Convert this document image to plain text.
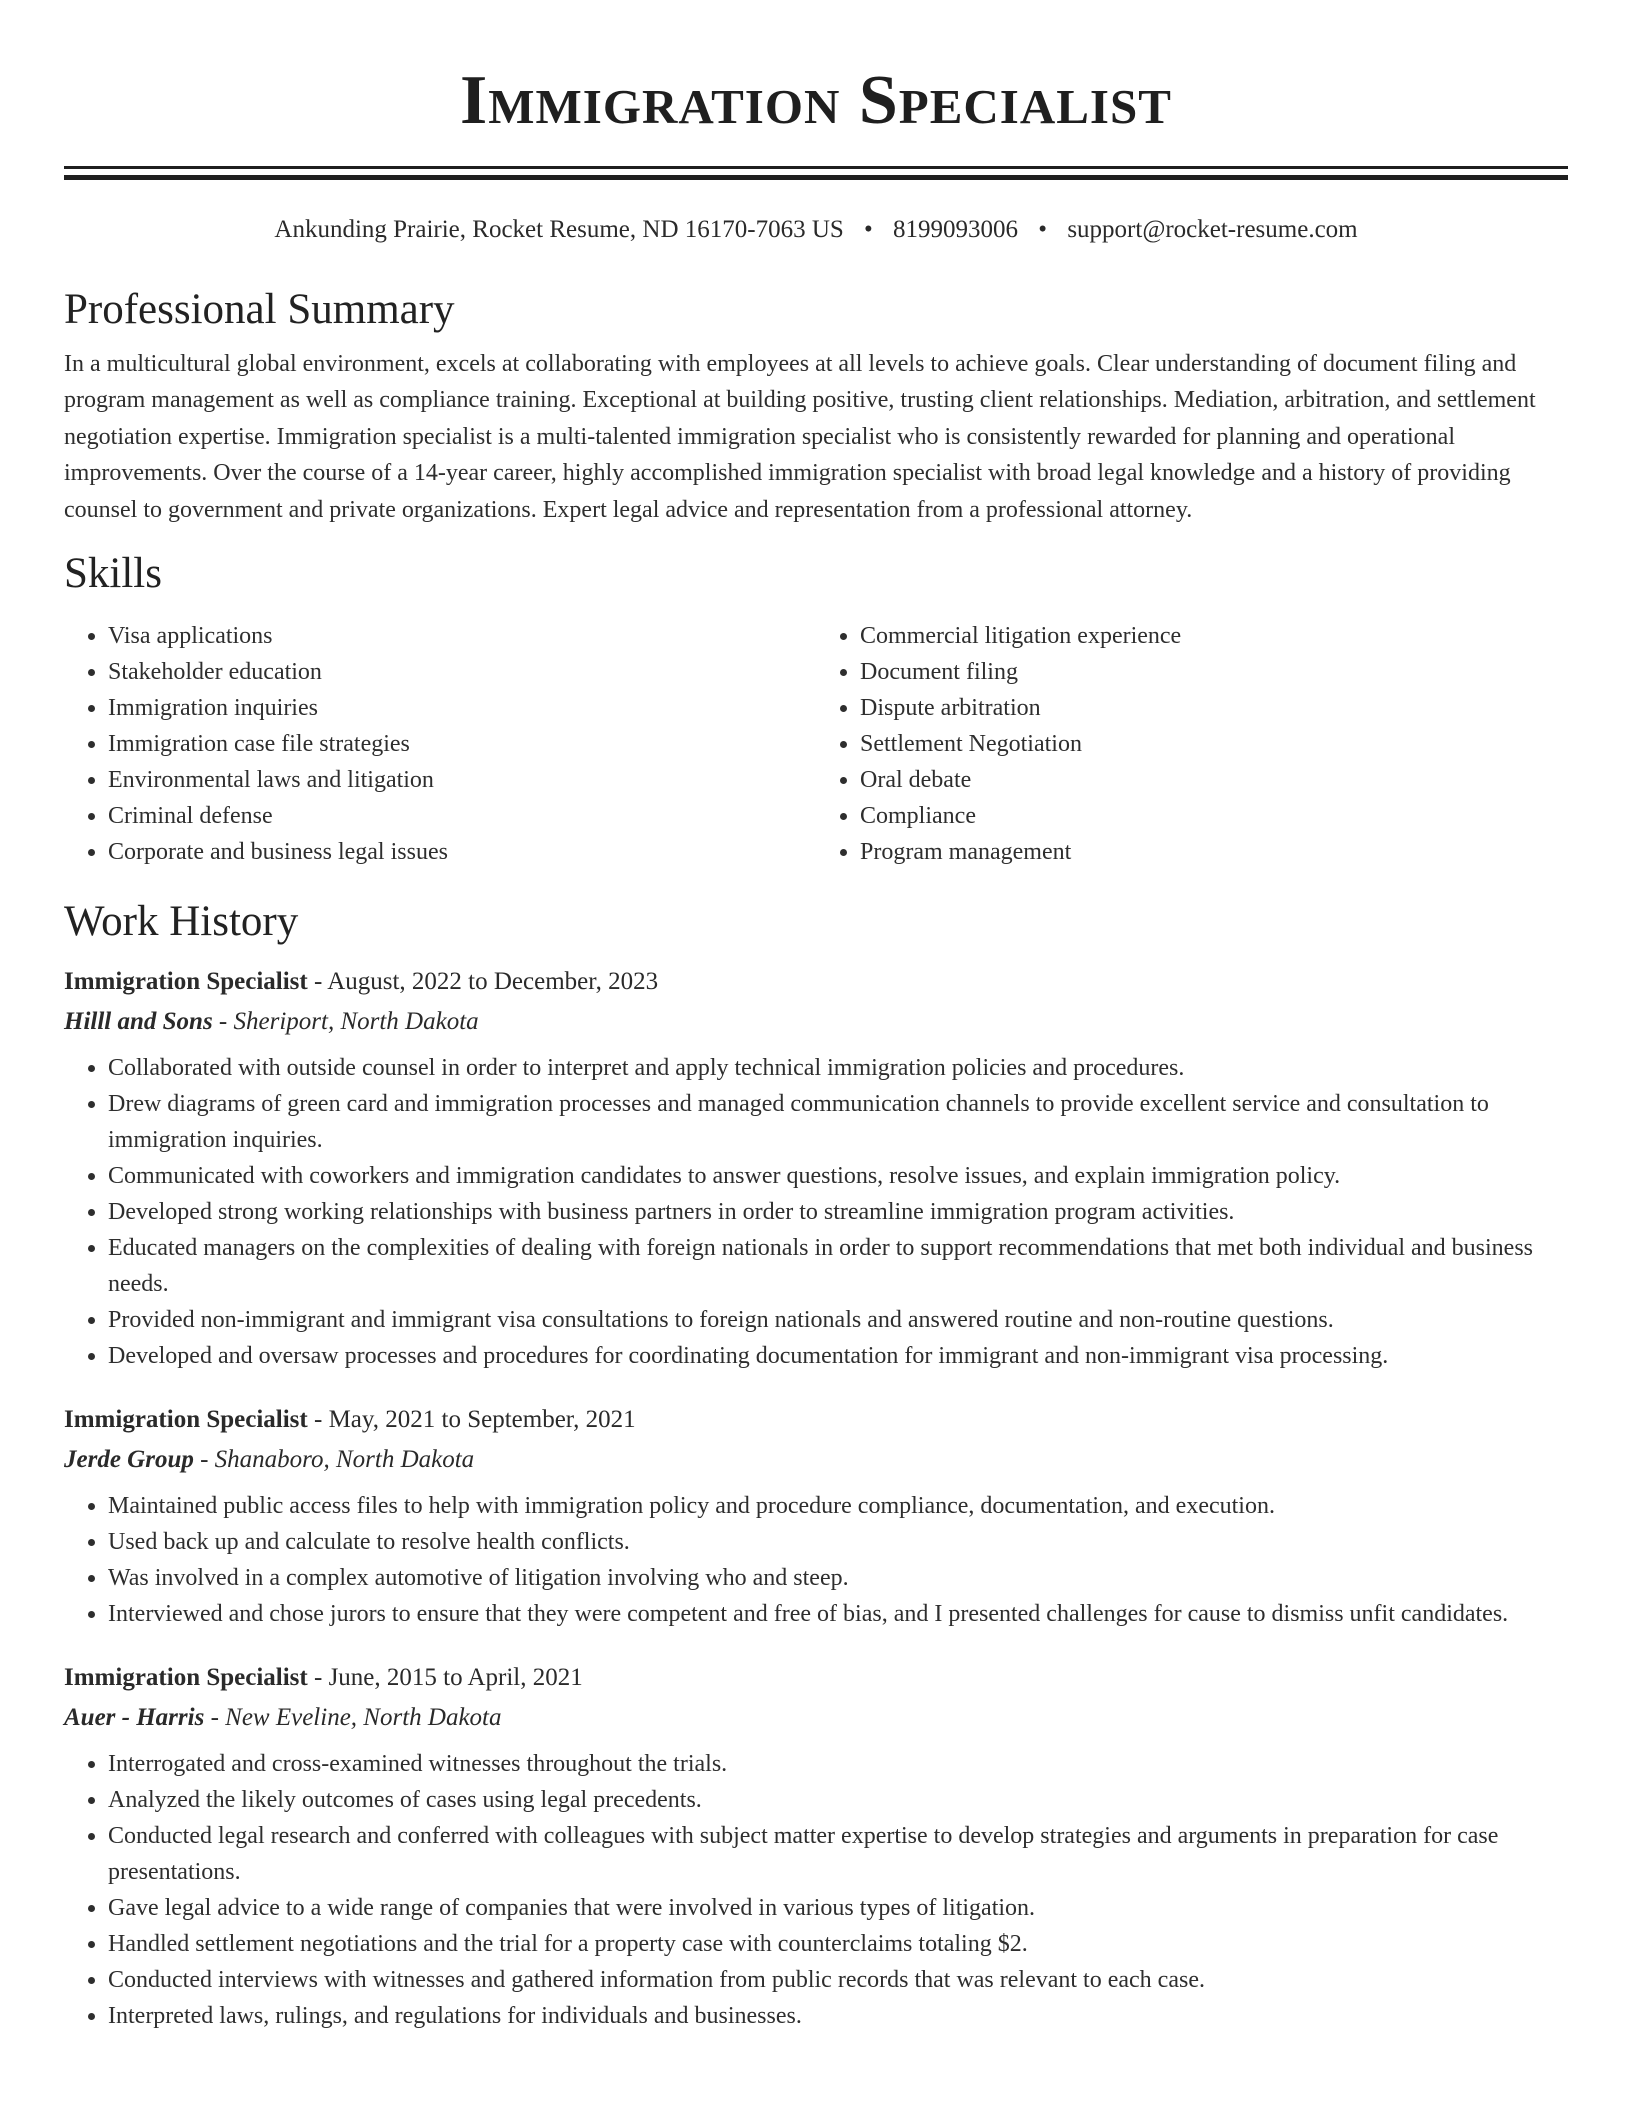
Immigration Specialist
Ankunding Prairie, Rocket Resume, ND 16170-7063 US • 8199093006 • support@rocket-resume.com
Professional Summary

In a multicultural global environment, excels at collaborating with employees at all levels to achieve goals. Clear understanding of document filing and program management as well as compliance training. Exceptional at building positive, trusting client relationships. Mediation, arbitration, and settlement negotiation expertise. Immigration specialist is a multi-talented immigration specialist who is consistently rewarded for planning and operational improvements. Over the course of a 14-year career, highly accomplished immigration specialist with broad legal knowledge and a history of providing counsel to government and private organizations. Expert legal advice and representation from a professional attorney.

Skills
• Visa applications
• Stakeholder education
• Immigration inquiries
• Immigration case file strategies
• Environmental laws and litigation
• Criminal defense
• Corporate and business legal issues
• Commercial litigation experience
• Document filing
• Dispute arbitration
• Settlement Negotiation
• Oral debate
• Compliance
• Program management
Work History
Immigration Specialist - August, 2022 to December, 2023
Hilll and Sons - Sheriport, North Dakota
• Collaborated with outside counsel in order to interpret and apply technical immigration policies and procedures.
• Drew diagrams of green card and immigration processes and managed communication channels to provide excellent service and consultation to immigration inquiries.
• Communicated with coworkers and immigration candidates to answer questions, resolve issues, and explain immigration policy.
• Developed strong working relationships with business partners in order to streamline immigration program activities.
• Educated managers on the complexities of dealing with foreign nationals in order to support recommendations that met both individual and business needs.
• Provided non-immigrant and immigrant visa consultations to foreign nationals and answered routine and non-routine questions.
• Developed and oversaw processes and procedures for coordinating documentation for immigrant and non-immigrant visa processing.
Immigration Specialist - May, 2021 to September, 2021
Jerde Group - Shanaboro, North Dakota
• Maintained public access files to help with immigration policy and procedure compliance, documentation, and execution.
• Used back up and calculate to resolve health conflicts.
• Was involved in a complex automotive of litigation involving who and steep.
• Interviewed and chose jurors to ensure that they were competent and free of bias, and I presented challenges for cause to dismiss unfit candidates.
Immigration Specialist - June, 2015 to April, 2021
Auer - Harris - New Eveline, North Dakota
• Interrogated and cross-examined witnesses throughout the trials.
• Analyzed the likely outcomes of cases using legal precedents.
• Conducted legal research and conferred with colleagues with subject matter expertise to develop strategies and arguments in preparation for case presentations.
• Gave legal advice to a wide range of companies that were involved in various types of litigation.
• Handled settlement negotiations and the trial for a property case with counterclaims totaling $2.
• Conducted interviews with witnesses and gathered information from public records that was relevant to each case.
• Interpreted laws, rulings, and regulations for individuals and businesses.
